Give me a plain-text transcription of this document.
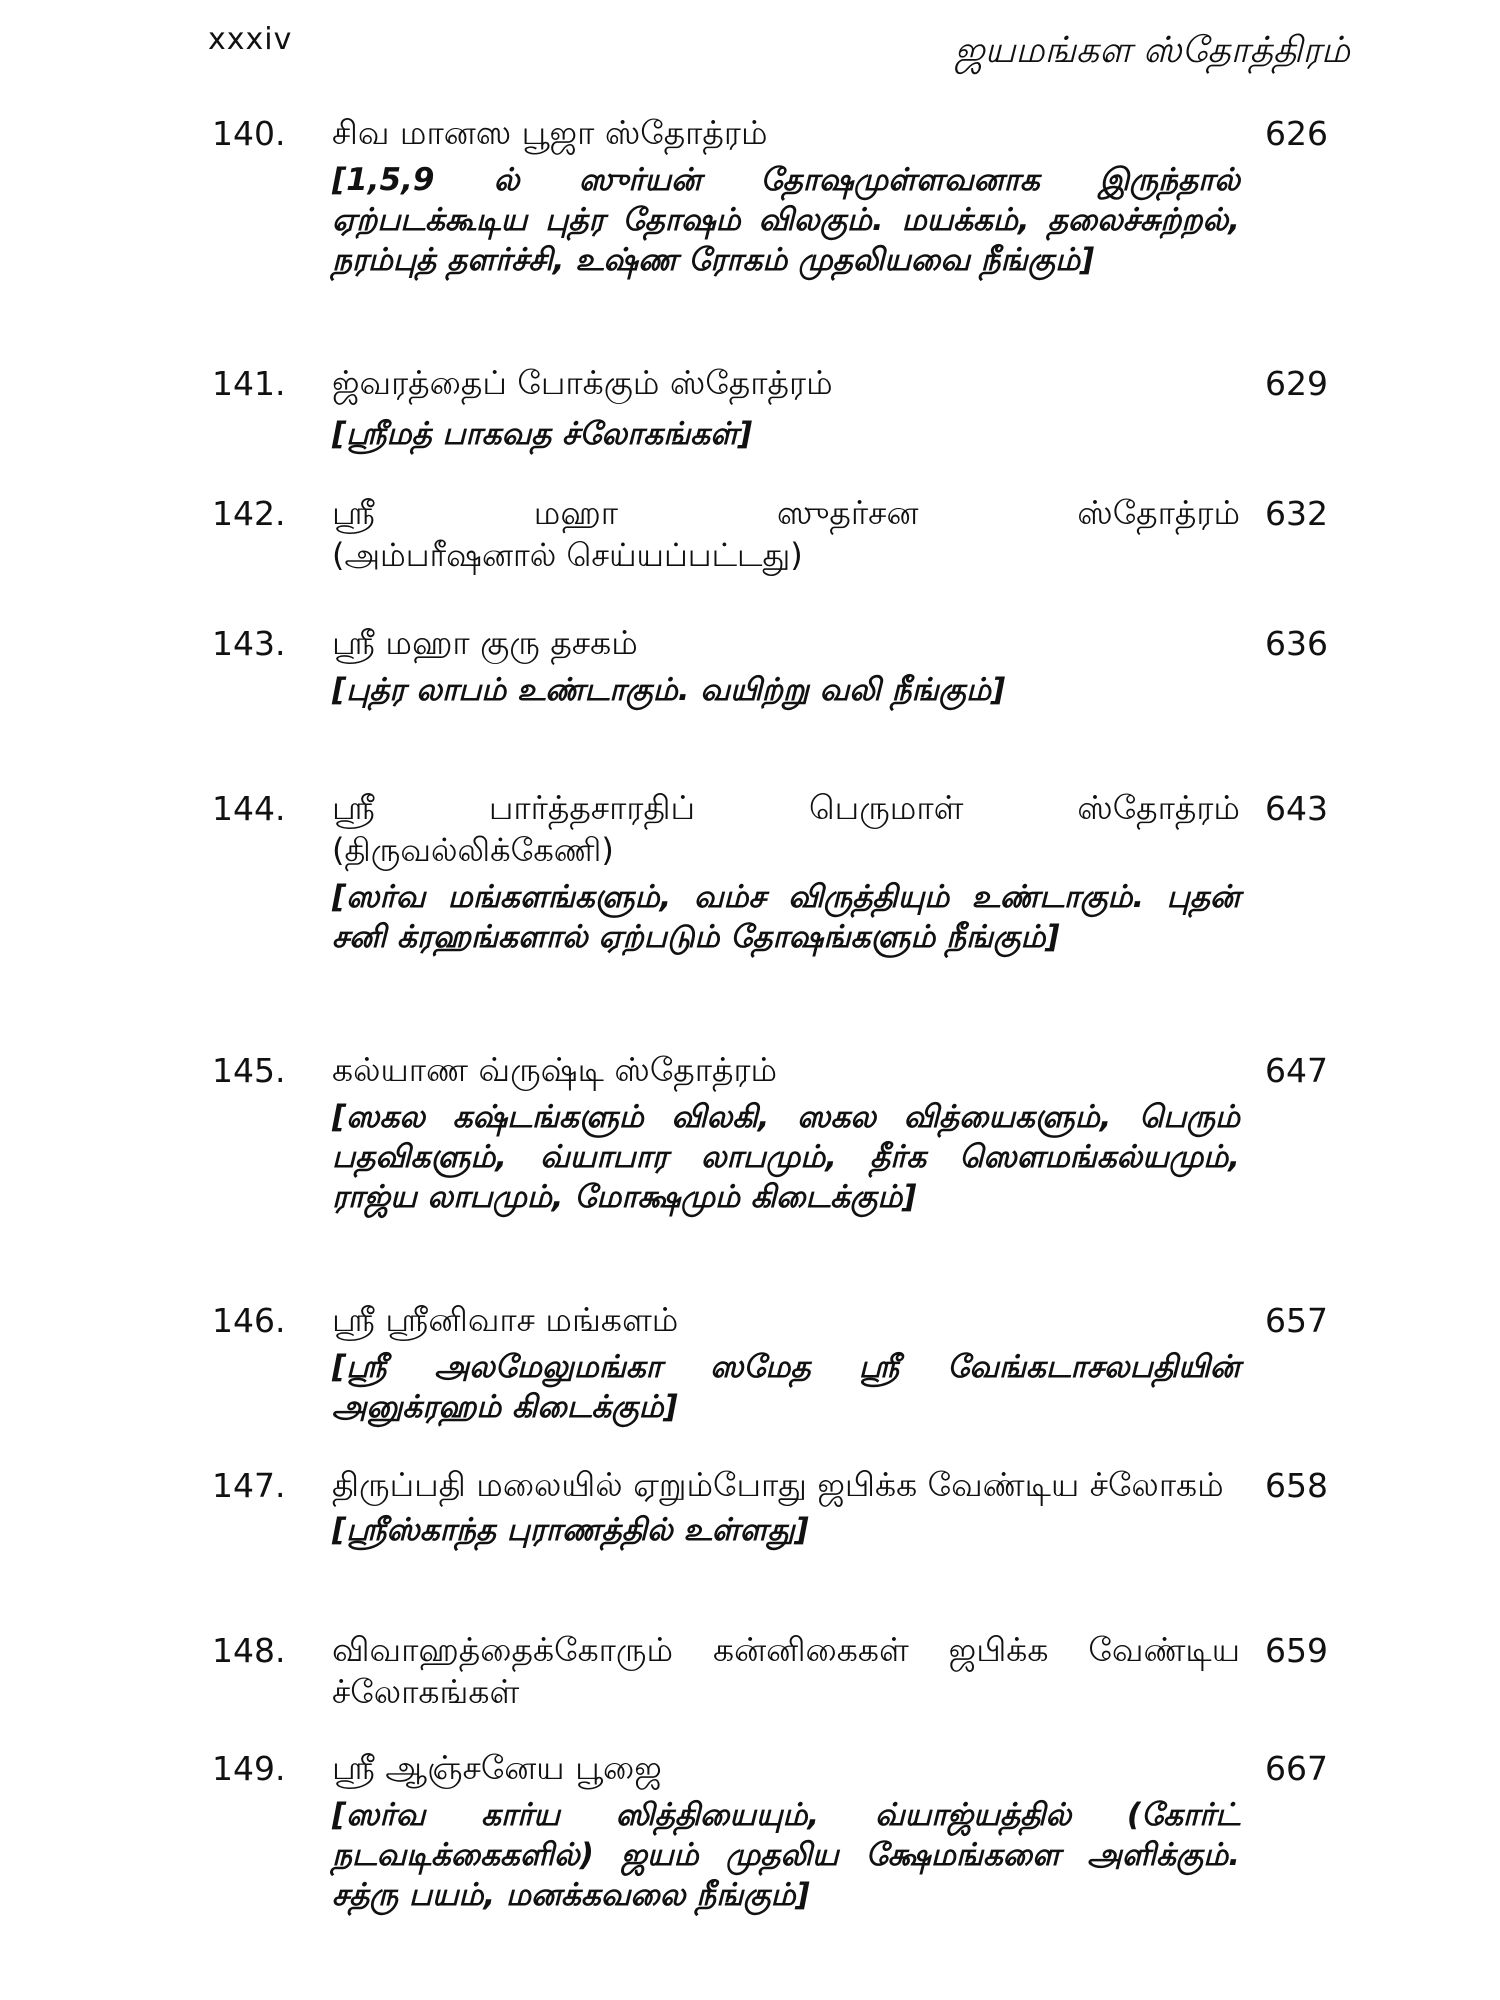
xxxiv	ஜயமங்கள ஸ்தோத்திரம்
140. சிவ மானஸ பூஜா ஸ்தோத்ரம்
[1,5,9 ல் ஸுர்யன் தோஷமுள்ளவனாக இருந்தால் ஏற்படக்கூடிய புத்ர தோஷம் விலகும். மயக்கம், தலைச்சுற்றல், நரம்புத் தளர்ச்சி, உஷ்ண ரோகம் முதலியவை நீங்கும்]
626
141. ஜ்வரத்தைப் போக்கும் ஸ்தோத்ரம்
[ஸ்ரீமத் பாகவத ச்லோகங்கள்]
629
142. ஸ்ரீ மஹா ஸுதர்சன ஸ்தோத்ரம்
(அம்பரீஷனால் செய்யப்பட்டது)
632
143. ஸ்ரீ மஹா குரு தசகம்
[புத்ர லாபம் உண்டாகும். வயிற்று வலி நீங்கும்]
636
144. ஸ்ரீ பார்த்தசாரதிப் பெருமாள் ஸ்தோத்ரம்
(திருவல்லிக்கேணி)
[ஸர்வ மங்களங்களும், வம்ச விருத்தியும் உண்டாகும். புதன் சனி க்ரஹங்களால் ஏற்படும் தோஷங்களும் நீங்கும்]
643
145. கல்யாண வ்ருஷ்டி ஸ்தோத்ரம்
[ஸகல கஷ்டங்களும் விலகி, ஸகல வித்யைகளும், பெரும் பதவிகளும், வ்யாபார லாபமும், தீர்க ஸௌமங்கல்யமும், ராஜ்ய லாபமும், மோக்ஷமும் கிடைக்கும்]
647
146. ஸ்ரீ ஸ்ரீனிவாச மங்களம்
[ஸ்ரீ அலமேலுமங்கா ஸமேத ஸ்ரீ வேங்கடாசலபதியின் அனுக்ரஹம் கிடைக்கும்]
657
147. திருப்பதி மலையில் ஏறும்போது ஜபிக்க வேண்டிய ச்லோகம்
[ஸ்ரீஸ்காந்த புராணத்தில் உள்ளது]
658
148. விவாஹத்தைக்கோரும் கன்னிகைகள் ஜபிக்க வேண்டிய ச்லோகங்கள்
659
149. ஸ்ரீ ஆஞ்சனேய பூஜை
[ஸர்வ கார்ய ஸித்தியையும், வ்யாஜ்யத்தில் (கோர்ட் நடவடிக்கைகளில்) ஜயம் முதலிய க்ஷேமங்களை அளிக்கும். சத்ரு பயம், மனக்கவலை நீங்கும்]
667
